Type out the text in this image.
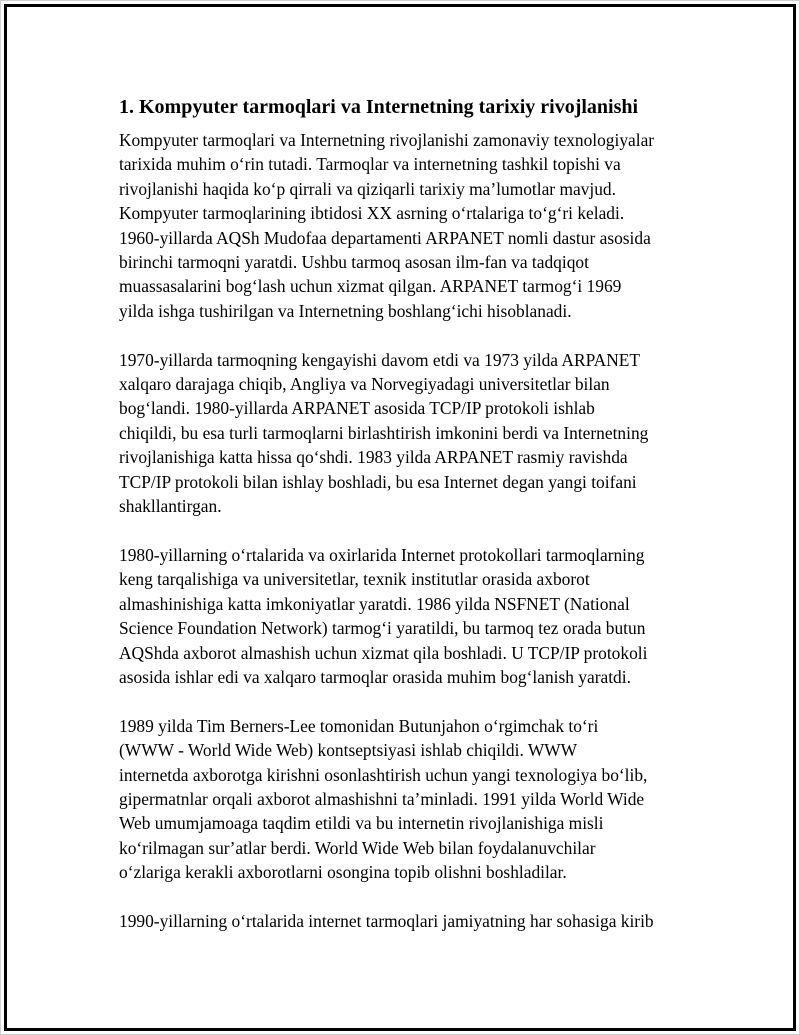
1. Kompyuter tarmoqlari va Internetning tarixiy rivojlanishi
Kompyuter tarmoqlari va Internetning rivojlanishi zamonaviy texnologiyalar
tarixida muhim oʻrin tutadi. Tarmoqlar va internetning tashkil topishi va
rivojlanishi haqida koʻp qirrali va qiziqarli tarixiy maʼlumotlar mavjud.
Kompyuter tarmoqlarining ibtidosi XX asrning oʻrtalariga toʻgʻri keladi.
1960-yillarda AQSh Mudofaa departamenti ARPANET nomli dastur asosida
birinchi tarmoqni yaratdi. Ushbu tarmoq asosan ilm-fan va tadqiqot
muassasalarini bogʻlash uchun xizmat qilgan. ARPANET tarmogʻi 1969
yilda ishga tushirilgan va Internetning boshlangʻichi hisoblanadi.
1970-yillarda tarmoqning kengayishi davom etdi va 1973 yilda ARPANET
xalqaro darajaga chiqib, Angliya va Norvegiyadagi universitetlar bilan
bogʻlandi. 1980-yillarda ARPANET asosida TCP/IP protokoli ishlab
chiqildi, bu esa turli tarmoqlarni birlashtirish imkonini berdi va Internetning
rivojlanishiga katta hissa qoʻshdi. 1983 yilda ARPANET rasmiy ravishda
TCP/IP protokoli bilan ishlay boshladi, bu esa Internet degan yangi toifani
shakllantirgan.
1980-yillarning oʻrtalarida va oxirlarida Internet protokollari tarmoqlarning
keng tarqalishiga va universitetlar, texnik institutlar orasida axborot
almashinishiga katta imkoniyatlar yaratdi. 1986 yilda NSFNET (National
Science Foundation Network) tarmogʻi yaratildi, bu tarmoq tez orada butun
AQShda axborot almashish uchun xizmat qila boshladi. U TCP/IP protokoli
asosida ishlar edi va xalqaro tarmoqlar orasida muhim bogʻlanish yaratdi.
1989 yilda Tim Berners-Lee tomonidan Butunjahon oʻrgimchak toʻri
(WWW - World Wide Web) kontseptsiyasi ishlab chiqildi. WWW
internetda axborotga kirishni osonlashtirish uchun yangi texnologiya boʻlib,
gipermatnlar orqali axborot almashishni taʼminladi. 1991 yilda World Wide
Web umumjamoaga taqdim etildi va bu internetin rivojlanishiga misli
koʻrilmagan surʼatlar berdi. World Wide Web bilan foydalanuvchilar
oʻzlariga kerakli axborotlarni osongina topib olishni boshladilar.
1990-yillarning oʻrtalarida internet tarmoqlari jamiyatning har sohasiga kirib
